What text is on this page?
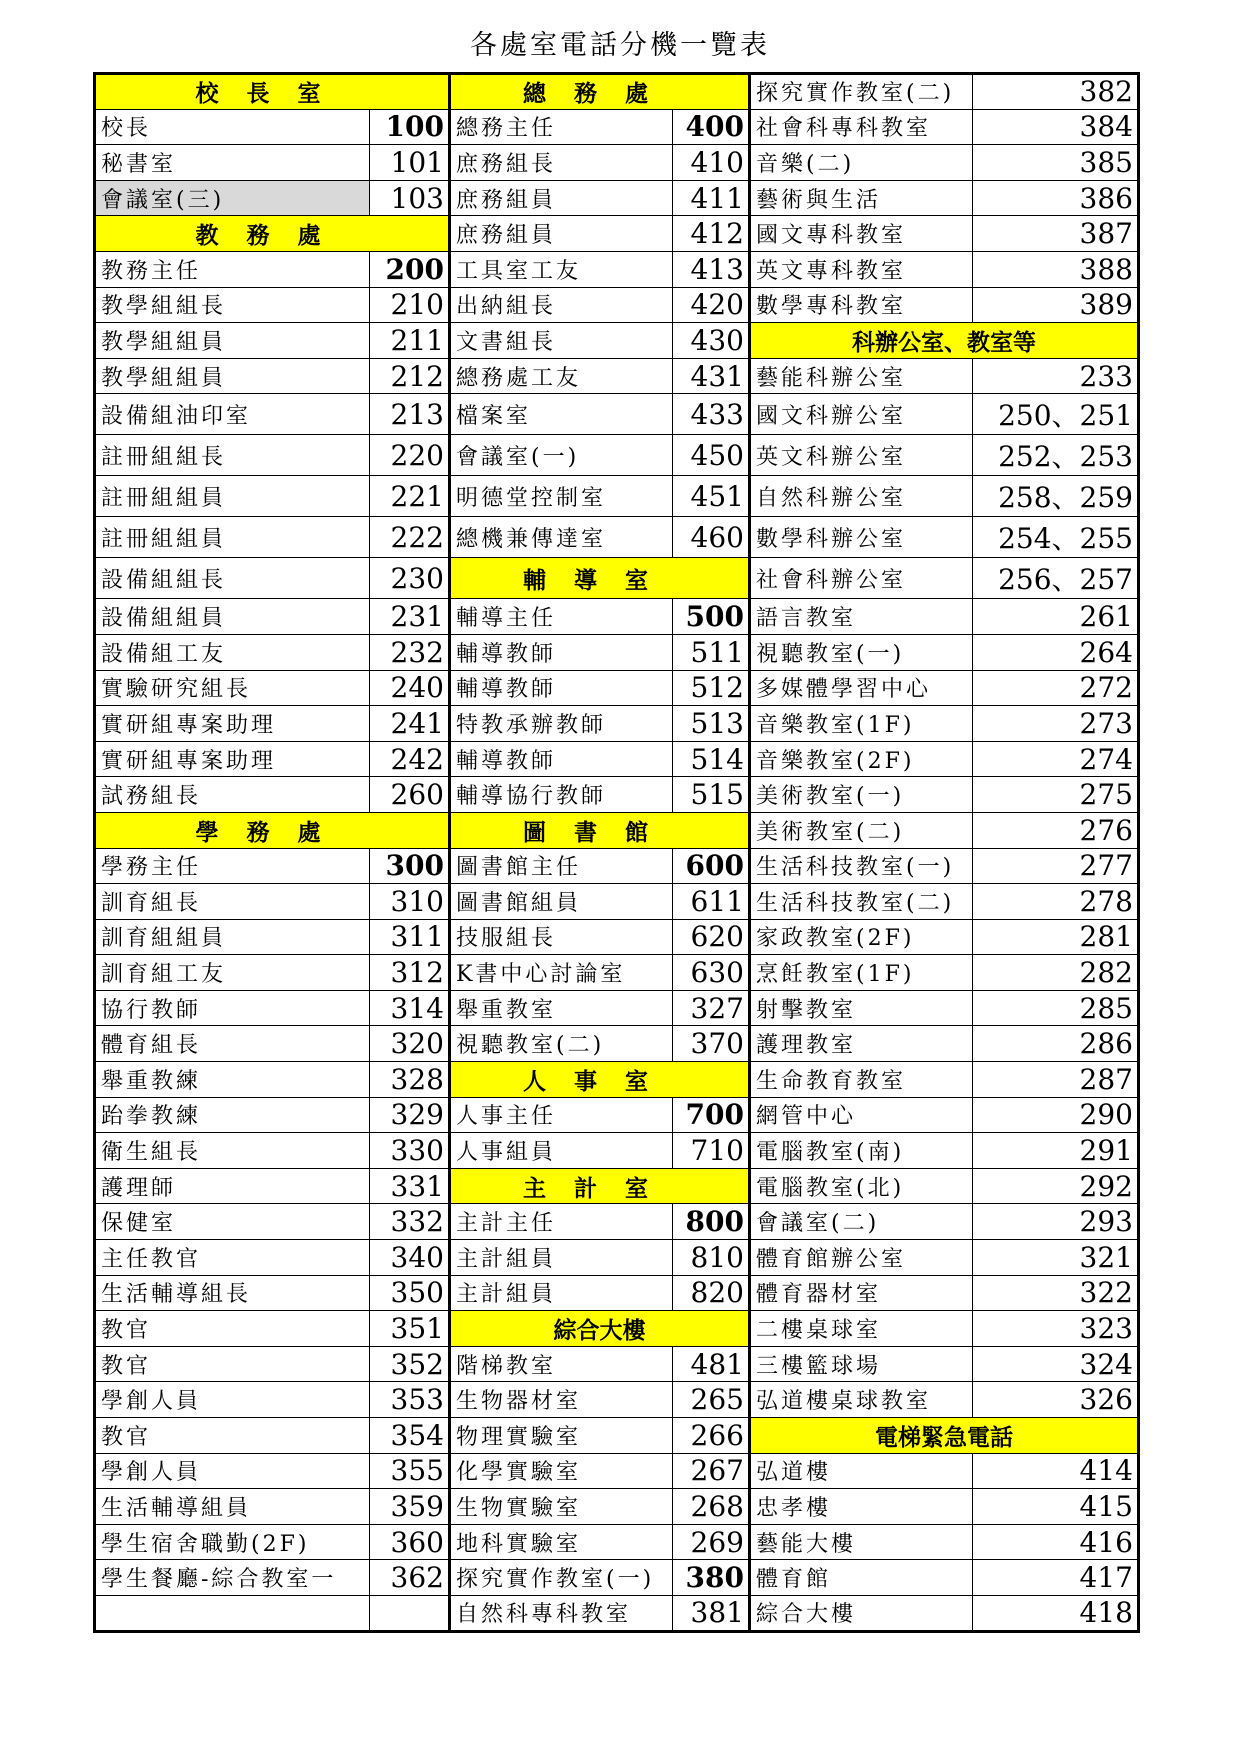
各處室電話分機一覽表
校長室		總務處		探究實作教室(二)	382
校長	100	總務主任	400	社會科專科教室	384
秘書室	101	庶務組長	410	音樂(二)	385
會議室(三)	103	庶務組員	411	藝術與生活	386
教務處		庶務組員	412	國文專科教室	387
教務主任	200	工具室工友	413	英文專科教室	388
教學組組長	210	出納組長	420	數學專科教室	389
教學組組員	211	文書組長	430	科辦公室、教室等	
教學組組員	212	總務處工友	431	藝能科辦公室	233
設備組油印室	213	檔案室	433	國文科辦公室	250、251
註冊組組長	220	會議室(一)	450	英文科辦公室	252、253
註冊組組員	221	明德堂控制室	451	自然科辦公室	258、259
註冊組組員	222	總機兼傳達室	460	數學科辦公室	254、255
設備組組長	230	輔導室		社會科辦公室	256、257
設備組組員	231	輔導主任	500	語言教室	261
設備組工友	232	輔導教師	511	視聽教室(一)	264
實驗研究組長	240	輔導教師	512	多媒體學習中心	272
實研組專案助理	241	特教承辦教師	513	音樂教室(1F)	273
實研組專案助理	242	輔導教師	514	音樂教室(2F)	274
試務組長	260	輔導協行教師	515	美術教室(一)	275
學務處		圖書館		美術教室(二)	276
學務主任	300	圖書館主任	600	生活科技教室(一)	277
訓育組長	310	圖書館組員	611	生活科技教室(二)	278
訓育組組員	311	技服組長	620	家政教室(2F)	281
訓育組工友	312	K書中心討論室	630	烹飪教室(1F)	282
協行教師	314	舉重教室	327	射擊教室	285
體育組長	320	視聽教室(二)	370	護理教室	286
舉重教練	328	人事室		生命教育教室	287
跆拳教練	329	人事主任	700	網管中心	290
衛生組長	330	人事組員	710	電腦教室(南)	291
護理師	331	主計室		電腦教室(北)	292
保健室	332	主計主任	800	會議室(二)	293
主任教官	340	主計組員	810	體育館辦公室	321
生活輔導組長	350	主計組員	820	體育器材室	322
教官	351	綜合大樓		二樓桌球室	323
教官	352	階梯教室	481	三樓籃球場	324
學創人員	353	生物器材室	265	弘道樓桌球教室	326
教官	354	物理實驗室	266	電梯緊急電話	
學創人員	355	化學實驗室	267	弘道樓	414
生活輔導組員	359	生物實驗室	268	忠孝樓	415
學生宿舍職勤(2F)	360	地科實驗室	269	藝能大樓	416
學生餐廳-綜合教室一	362	探究實作教室(一)	380	體育館	417
		自然科專科教室	381	綜合大樓	418
